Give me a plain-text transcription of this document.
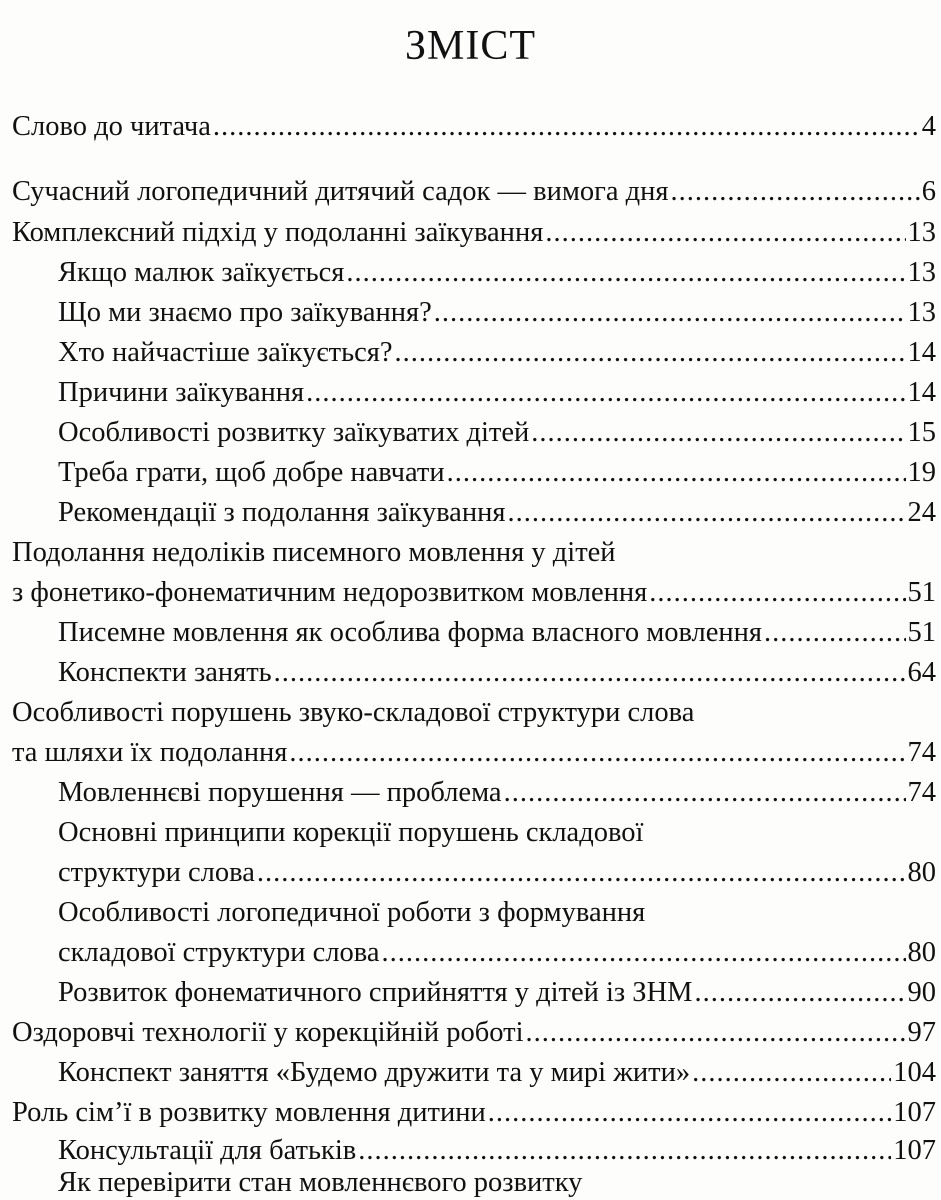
ЗМІСТ
Слово до читача .....	4
Сучасний логопедичний дитячий садок — вимога дня .....	6
Комплексний підхід у подоланні заїкування .....	13
Якщо малюк заїкується .....	13
Що ми знаємо про заїкування? .....	13
Хто найчастіше заїкується? .....	14
Причини заїкування .....	14
Особливості розвитку заїкуватих дітей .....	15
Треба грати, щоб добре навчати .....	19
Рекомендації з подолання заїкування .....	24
Подолання недоліків писемного мовлення у дітей
з фонетико-фонематичним недорозвитком мовлення .....	51
Писемне мовлення як особлива форма власного мовлення .....	51
Конспекти занять .....	64
Особливості порушень звуко-складової структури слова
та шляхи їх подолання .....	74
Мовленнєві порушення — проблема .....	74
Основні принципи корекції порушень складової
структури слова .....	80
Особливості логопедичної роботи з формування
складової структури слова .....	80
Розвиток фонематичного сприйняття у дітей із ЗНМ .....	90
Оздоровчі технології у корекційній роботі .....	97
Конспект заняття «Будемо дружити та у мирі жити» .....	104
Роль сім’ї в розвитку мовлення дитини .....	107
Консультації для батьків .....	107
Як перевірити стан мовленнєвого розвитку
